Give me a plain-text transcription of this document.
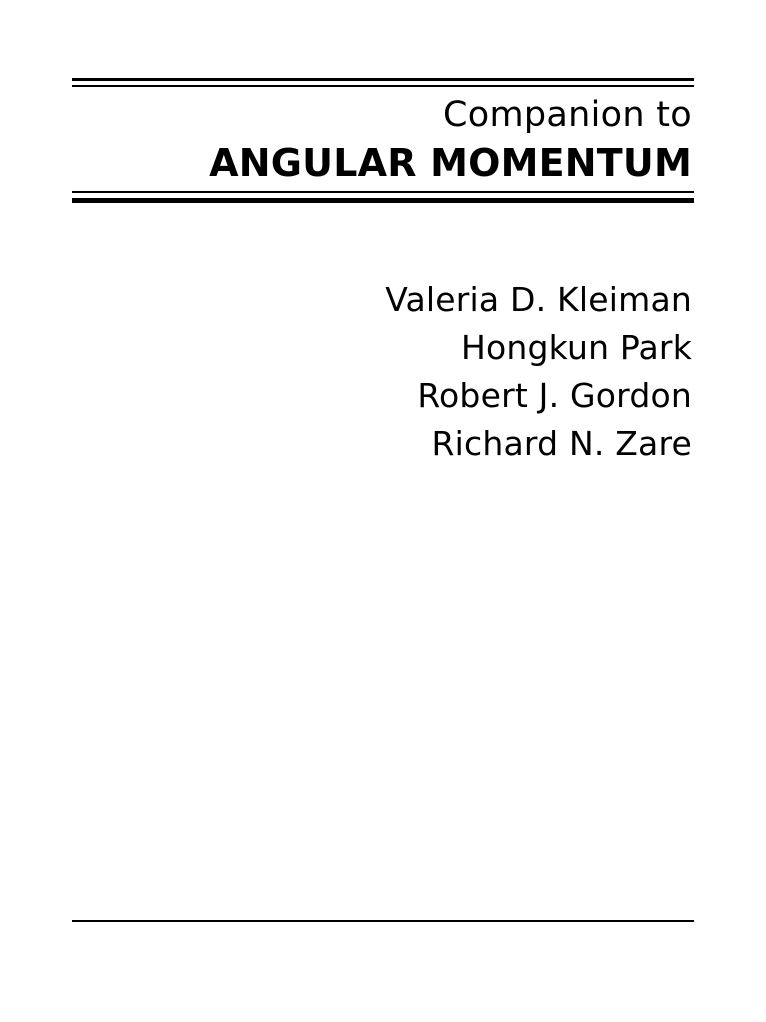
Companion to
ANGULAR MOMENTUM
Valeria D. Kleiman
Hongkun Park
Robert J. Gordon
Richard N. Zare
